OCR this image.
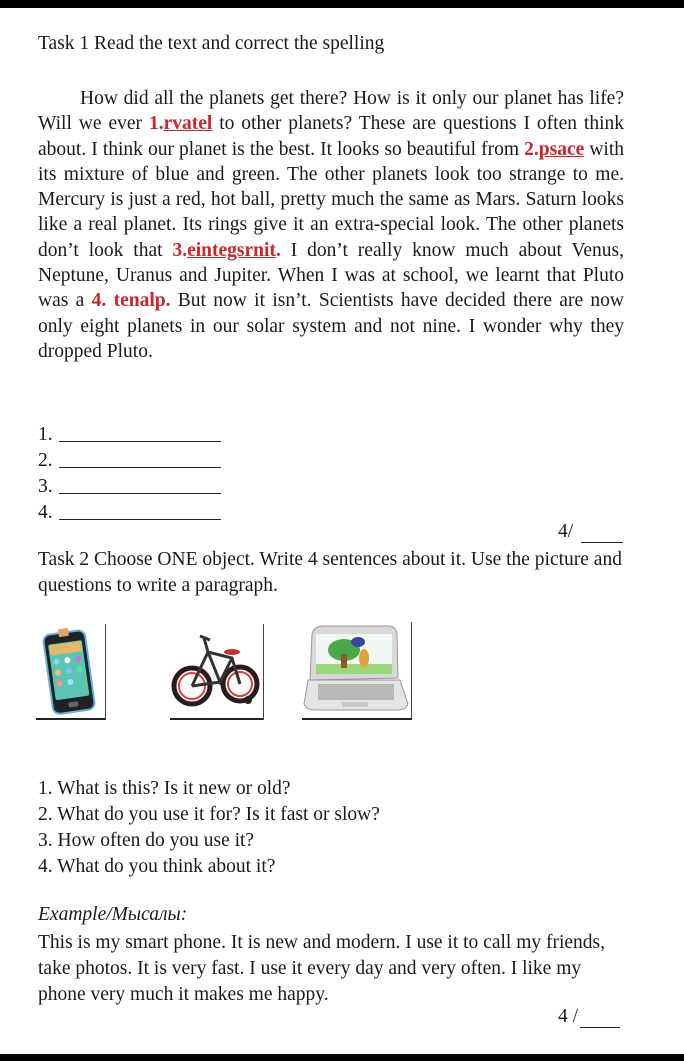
Task 1 Read the text and correct the spelling
How did all the planets get there? How is it only our planet has life? Will we ever 1.rvatel to other planets? These are questions I often think about. I think our planet is the best. It looks so beautiful from 2.psace with its mixture of blue and green. The other planets look too strange to me. Mercury is just a red, hot ball, pretty much the same as Mars. Saturn looks like a real planet. Its rings give it an extra-special look. The other planets don’t look that 3.eintegsrnit. I don’t really know much about Venus, Neptune, Uranus and Jupiter. When I was at school, we learnt that Pluto was a 4. tenalp. But now it isn’t. Scientists have decided there are now only eight planets in our solar system and not nine. I wonder why they dropped Pluto.
1.
2.
3.
4.
4/
Task 2 Choose ONE object. Write 4 sentences about it. Use the picture and questions to write a paragraph.
1. What is this? Is it new or old?
2. What do you use it for? Is it fast or slow?
3. How often do you use it?
4. What do you think about it?
Example/Мысалы:
This is my smart phone. It is new and modern. I use it to call my friends, take photos. It is very fast. I use it every day and very often. I like my phone very much it makes me happy.
4 /
